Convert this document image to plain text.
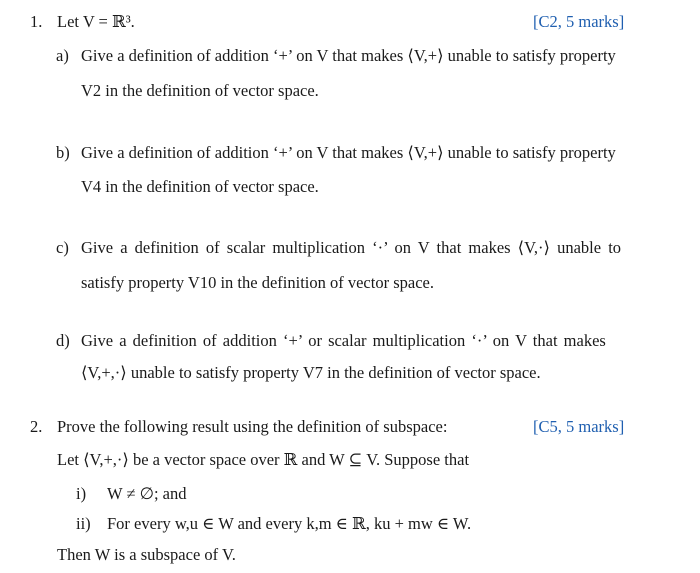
1. Let V = ℝ³.	[C2, 5 marks]
a) Give a definition of addition ‘+’ on V that makes ⟨V,+⟩ unable to satisfy property
V2 in the definition of vector space.
b) Give a definition of addition ‘+’ on V that makes ⟨V,+⟩ unable to satisfy property
V4 in the definition of vector space.
c) Give a definition of scalar multiplication ‘·’ on V that makes ⟨V,·⟩ unable to
satisfy property V10 in the definition of vector space.
d) Give a definition of addition ‘+’ or scalar multiplication ‘·’ on V that makes
⟨V,+,·⟩ unable to satisfy property V7 in the definition of vector space.
2. Prove the following result using the definition of subspace:	[C5, 5 marks]
Let ⟨V,+,·⟩ be a vector space over ℝ and W ⊆ V. Suppose that
i) W ≠ ∅; and
ii) For every w,u ∈ W and every k,m ∈ ℝ, ku + mw ∈ W.
Then W is a subspace of V.
